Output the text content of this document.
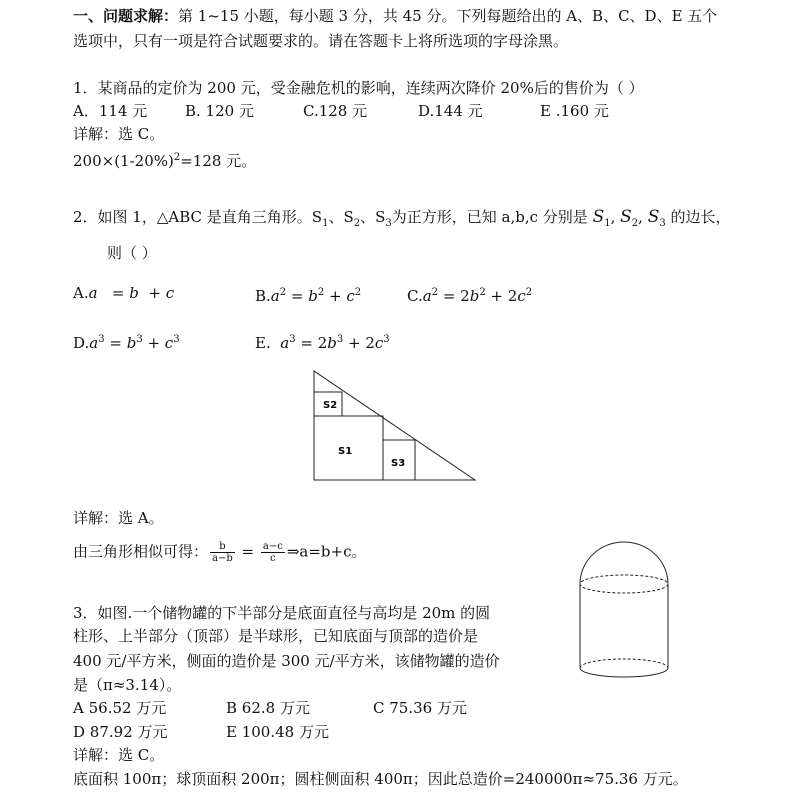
一、问题求解：第 1~15 小题，每小题 3 分，共 45 分。下列每题给出的 A、B、C、D、E 五个
选项中，只有一项是符合试题要求的。请在答题卡上将所选项的字母涂黑。
1．某商品的定价为 200 元，受金融危机的影响，连续两次降价 20%后的售价为（ ）
A．114 元	B. 120 元	C.128 元	D.144 元	E .160 元
详解：选 C。
$200\times(1-20\%)^2=128$ 元。
2．如图 1，△ABC 是直角三角形。$S_1$、$S_2$、$S_3$为正方形，已知 a,b,c 分别是 $S_1$, $S_2$, $S_3$ 的边长，
则（ ）
A.a   = b  + c	$B.a^2 = b^2 + c^2$	$C.a^2 = 2b^2 + 2c^2$
$D.a^3 = b^3 + c^3$	E.  $a^3 = 2b^3 + 2c^3$
S2
S1
S3
详解：选 A。
由三角形相似可得： $\frac{b}{a-b} = \frac{a-c}{c}$ ⇒a=b+c。
3．如图.一个储物罐的下半部分是底面直径与高均是 20m 的圆
柱形、上半部分（顶部）是半球形，已知底面与顶部的造价是
400 元/平方米，侧面的造价是 300 元/平方米，该储物罐的造价
是（π≈3.14）。
A 56.52 万元	B 62.8 万元	C 75.36 万元
D 87.92 万元	E 100.48 万元
详解：选 C。
底面积 100π；球顶面积 200π；圆柱侧面积 400π；因此总造价=240000π≈75.36 万元。
